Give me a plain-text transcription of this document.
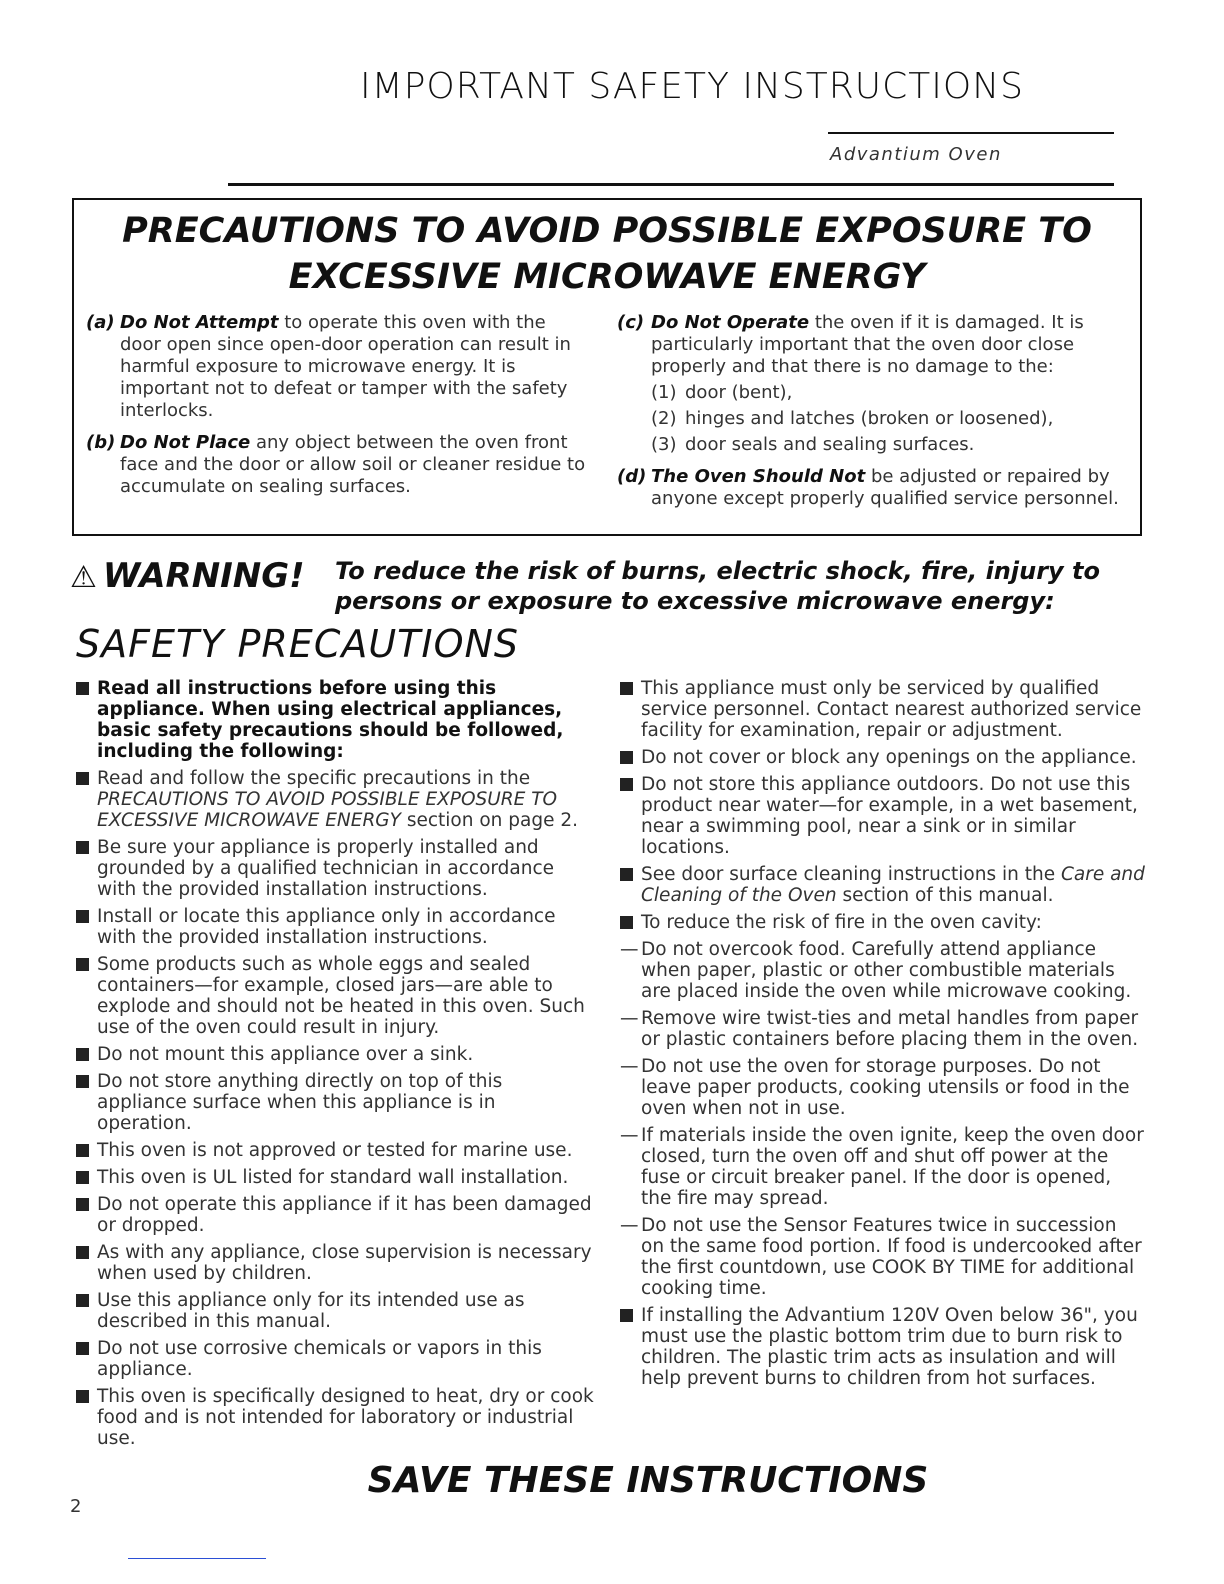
IMPORTANT SAFETY INSTRUCTIONS
Advantium Oven
PRECAUTIONS TO AVOID POSSIBLE EXPOSURE TO
EXCESSIVE MICROWAVE ENERGY
(a) Do Not Attempt to operate this oven with the door open since open-door operation can result in harmful exposure to microwave energy. It is important not to defeat or tamper with the safety interlocks.
(b) Do Not Place any object between the oven front face and the door or allow soil or cleaner residue to accumulate on sealing surfaces.
(c) Do Not Operate the oven if it is damaged. It is particularly important that the oven door close properly and that there is no damage to the:
(1) door (bent),
(2) hinges and latches (broken or loosened),
(3) door seals and sealing surfaces.
(d) The Oven Should Not be adjusted or repaired by anyone except properly qualified service personnel.
⚠ WARNING! To reduce the risk of burns, electric shock, fire, injury to persons or exposure to excessive microwave energy:
SAFETY PRECAUTIONS
Read all instructions before using this appliance. When using electrical appliances, basic safety precautions should be followed, including the following:
Read and follow the specific precautions in the PRECAUTIONS TO AVOID POSSIBLE EXPOSURE TO EXCESSIVE MICROWAVE ENERGY section on page 2.
Be sure your appliance is properly installed and grounded by a qualified technician in accordance with the provided installation instructions.
Install or locate this appliance only in accordance with the provided installation instructions.
Some products such as whole eggs and sealed containers—for example, closed jars—are able to explode and should not be heated in this oven. Such use of the oven could result in injury.
Do not mount this appliance over a sink.
Do not store anything directly on top of this appliance surface when this appliance is in operation.
This oven is not approved or tested for marine use.
This oven is UL listed for standard wall installation.
Do not operate this appliance if it has been damaged or dropped.
As with any appliance, close supervision is necessary when used by children.
Use this appliance only for its intended use as described in this manual.
Do not use corrosive chemicals or vapors in this appliance.
This oven is specifically designed to heat, dry or cook food and is not intended for laboratory or industrial use.
This appliance must only be serviced by qualified service personnel. Contact nearest authorized service facility for examination, repair or adjustment.
Do not cover or block any openings on the appliance.
Do not store this appliance outdoors. Do not use this product near water—for example, in a wet basement, near a swimming pool, near a sink or in similar locations.
See door surface cleaning instructions in the Care and Cleaning of the Oven section of this manual.
To reduce the risk of fire in the oven cavity:
— Do not overcook food. Carefully attend appliance when paper, plastic or other combustible materials are placed inside the oven while microwave cooking.
— Remove wire twist-ties and metal handles from paper or plastic containers before placing them in the oven.
— Do not use the oven for storage purposes. Do not leave paper products, cooking utensils or food in the oven when not in use.
— If materials inside the oven ignite, keep the oven door closed, turn the oven off and shut off power at the fuse or circuit breaker panel. If the door is opened, the fire may spread.
— Do not use the Sensor Features twice in succession on the same food portion. If food is undercooked after the first countdown, use COOK BY TIME for additional cooking time.
If installing the Advantium 120V Oven below 36", you must use the plastic bottom trim due to burn risk to children. The plastic trim acts as insulation and will help prevent burns to children from hot surfaces.
SAVE THESE INSTRUCTIONS
2
